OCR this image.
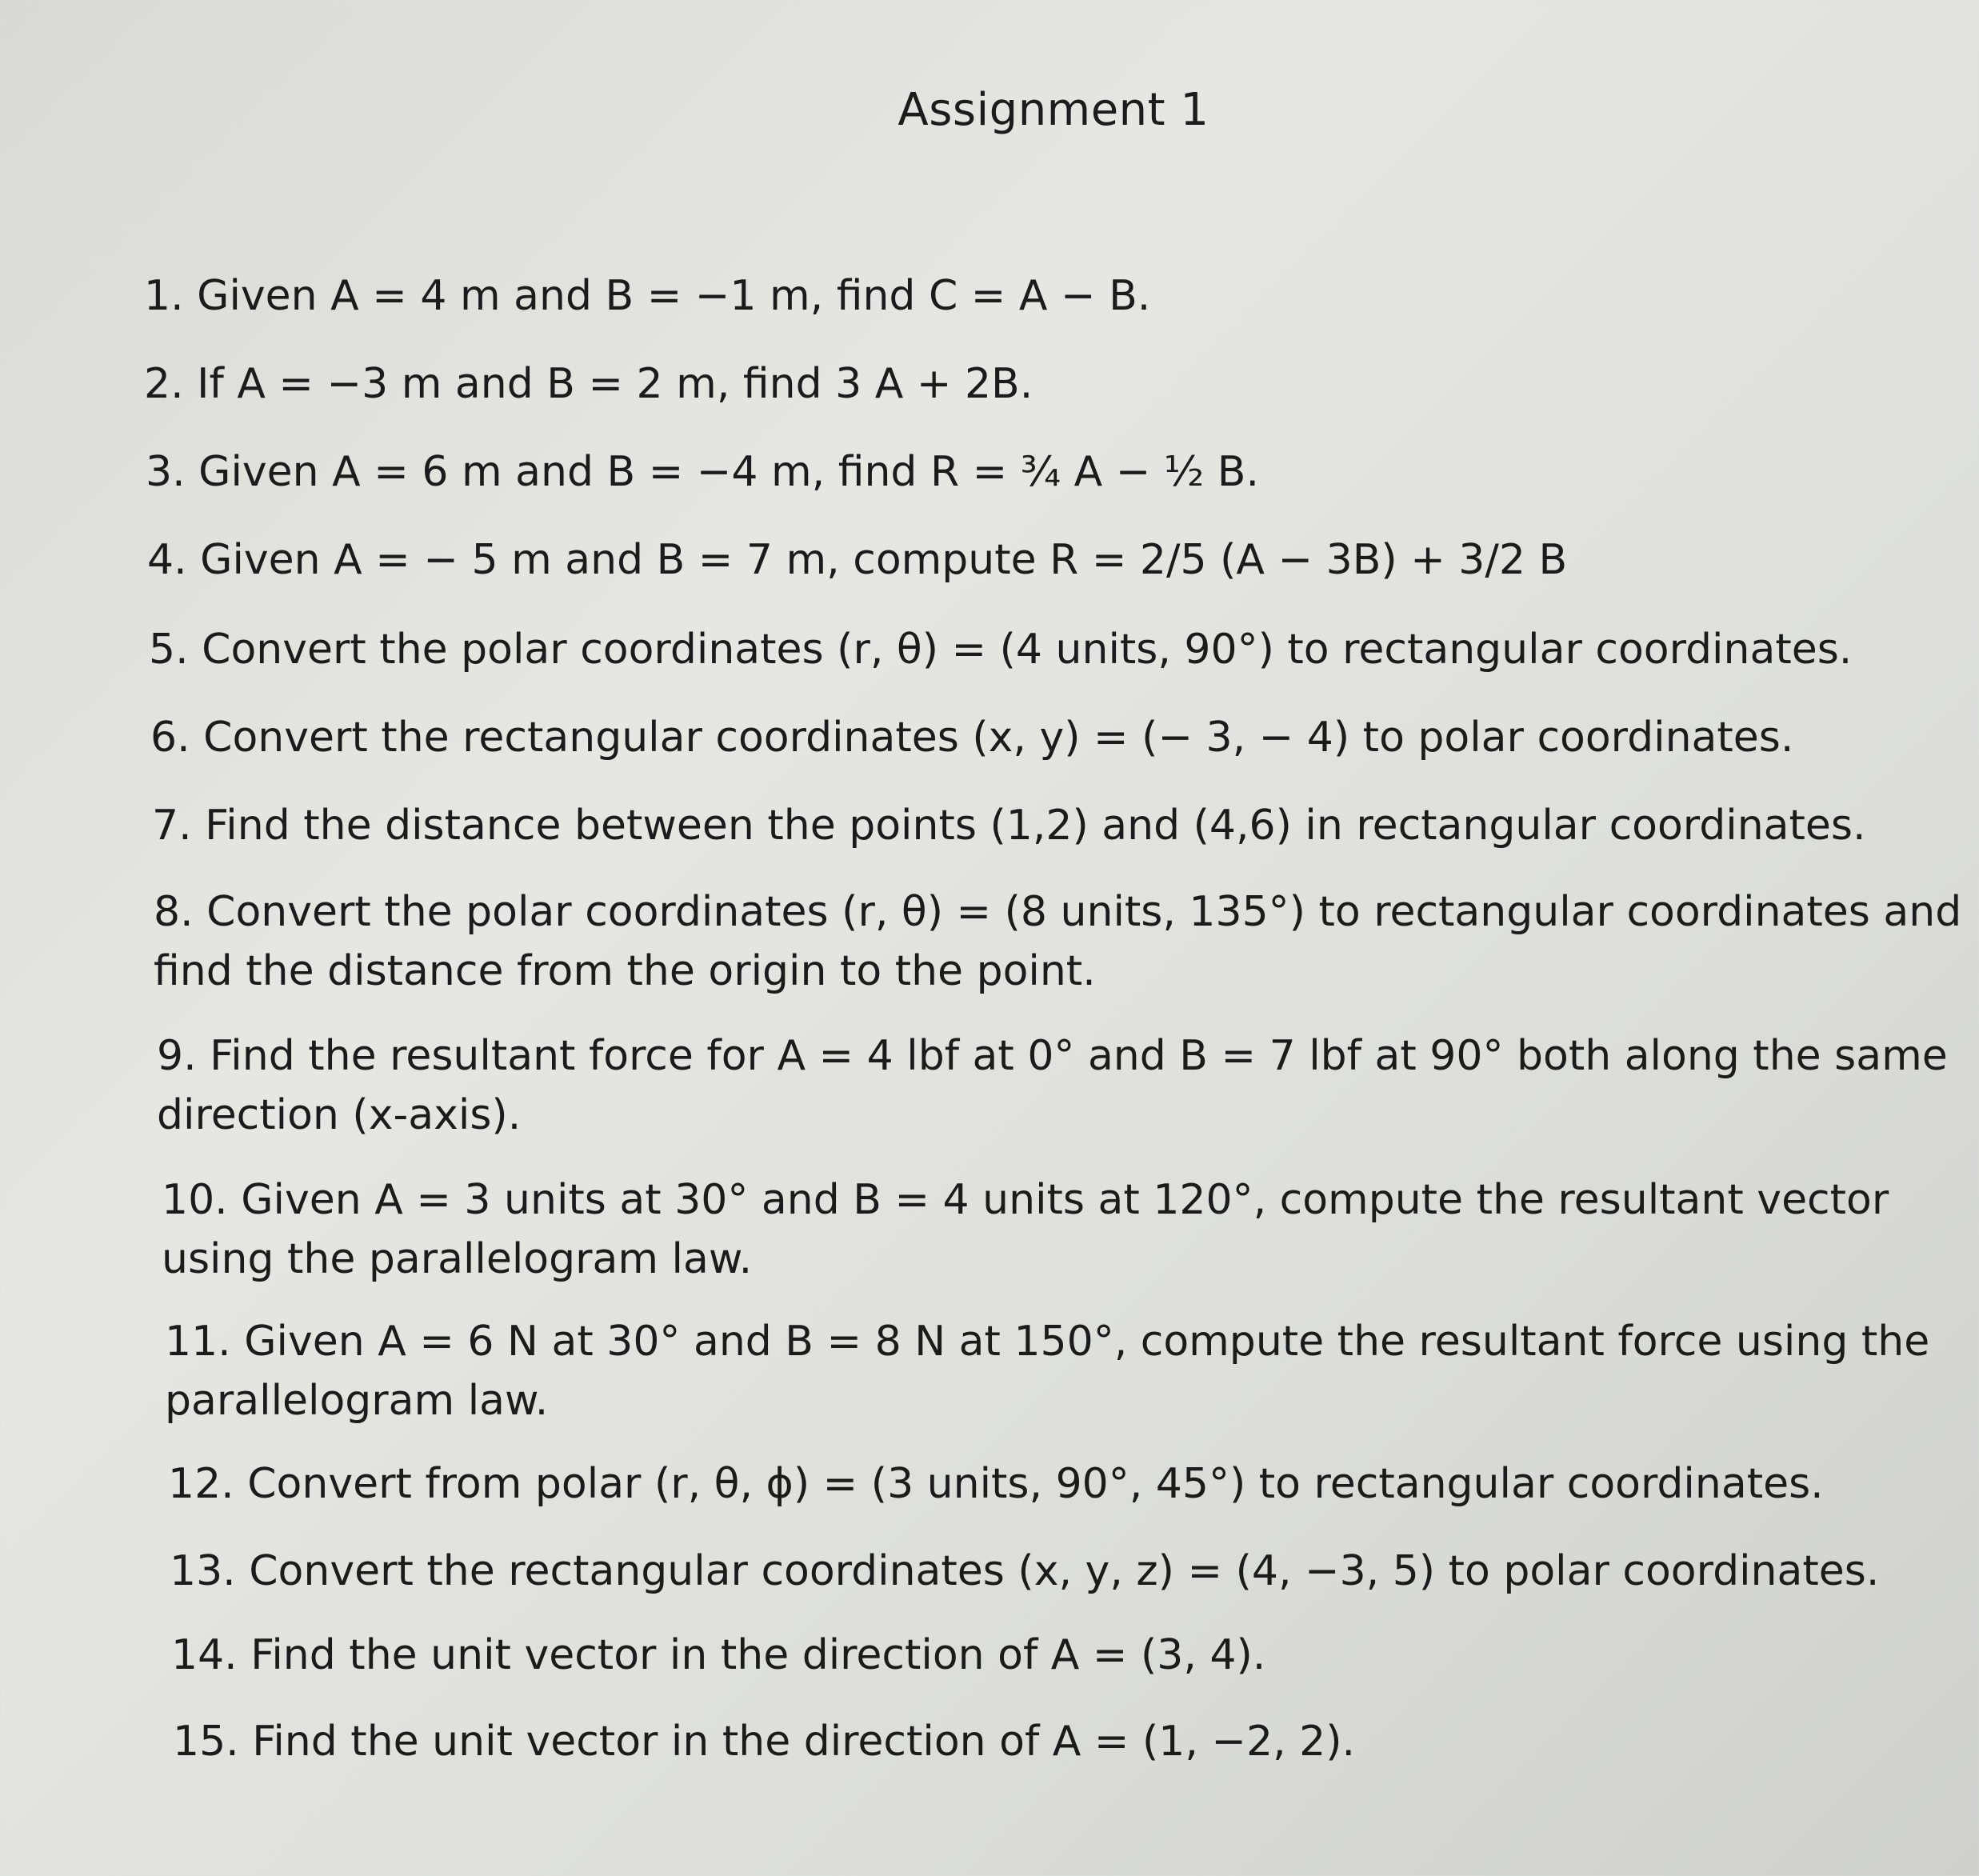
Assignment 1
1. Given A = 4 m and B = −1 m, find C = A − B.
2. If A = −3 m and B = 2 m, find 3 A + 2B.
3. Given A = 6 m and B = −4 m, find R = ¾ A − ½ B.
4. Given A = − 5 m and B = 7 m, compute R = 2/5 (A − 3B) + 3/2 B
5. Convert the polar coordinates (r, θ) = (4 units, 90°) to rectangular coordinates.
6. Convert the rectangular coordinates (x, y) = (− 3, − 4) to polar coordinates.
7. Find the distance between the points (1,2) and (4,6) in rectangular coordinates.
8. Convert the polar coordinates (r, θ) = (8 units, 135°) to rectangular coordinates and
find the distance from the origin to the point.
9. Find the resultant force for A = 4 lbf at 0° and B = 7 lbf at 90° both along the same
direction (x-axis).
10. Given A = 3 units at 30° and B = 4 units at 120°, compute the resultant vector
using the parallelogram law.
11. Given A = 6 N at 30° and B = 8 N at 150°, compute the resultant force using the
parallelogram law.
12. Convert from polar (r, θ, ϕ) = (3 units, 90°, 45°) to rectangular coordinates.
13. Convert the rectangular coordinates (x, y, z) = (4, −3, 5) to polar coordinates.
14. Find the unit vector in the direction of A = (3, 4).
15. Find the unit vector in the direction of A = (1, −2, 2).
